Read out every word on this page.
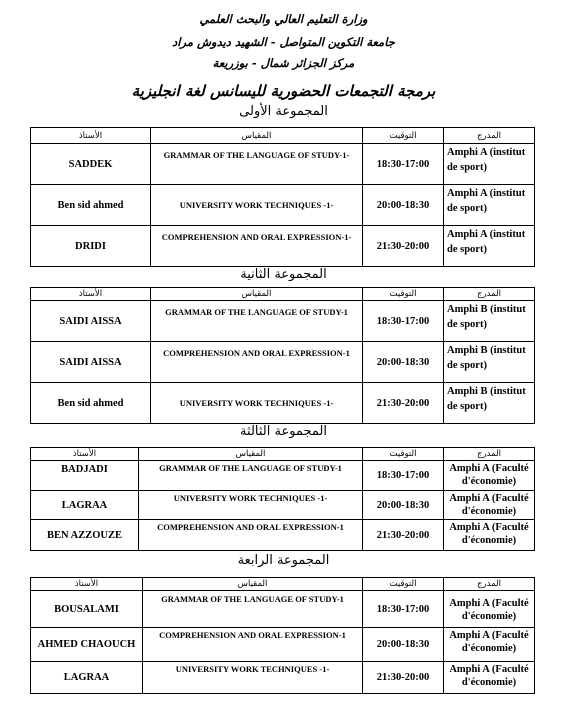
وزارة التعليم العالي والبحث العلمي
جامعة التكوين المتواصل - الشهيد ديدوش مراد
مركز الجزائر شمال - بوزريعة
برمجة التجمعات الحضورية لليسانس لغة انجليزية
المجموعة الأولى
الأستاذ	المقياس	التوقيت	المدرج
SADDEK	GRAMMAR OF THE LANGUAGE OF STUDY-1-	18:30-17:00	Amphi A (institut de sport)
Ben sid ahmed	UNIVERSITY WORK TECHNIQUES -1-	20:00-18:30	Amphi A (institut de sport)
DRIDI	COMPREHENSION AND ORAL EXPRESSION-1-	21:30-20:00	Amphi A (institut de sport)
المجموعة الثانية
الأستاذ	المقياس	التوقيت	المدرج
SAIDI AISSA	GRAMMAR OF THE LANGUAGE OF STUDY-1	18:30-17:00	Amphi B (institut de sport)
SAIDI AISSA	COMPREHENSION AND ORAL EXPRESSION-1	20:00-18:30	Amphi B (institut de sport)
Ben sid ahmed	UNIVERSITY WORK TECHNIQUES -1-	21:30-20:00	Amphi B (institut de sport)
المجموعة الثالثة
الأستاذ	المقياس	التوقيت	المدرج
BADJADI	GRAMMAR OF THE LANGUAGE OF STUDY-1	18:30-17:00	Amphi A (Faculté d'économie)
LAGRAA	UNIVERSITY WORK TECHNIQUES -1-	20:00-18:30	Amphi A (Faculté d'économie)
BEN AZZOUZE	COMPREHENSION AND ORAL EXPRESSION-1	21:30-20:00	Amphi A (Faculté d'économie)
المجموعة الرابعة
الأستاذ	المقياس	التوقيت	المدرج
BOUSALAMI	GRAMMAR OF THE LANGUAGE OF STUDY-1	18:30-17:00	Amphi A (Faculté d'économie)
AHMED CHAOUCH	COMPREHENSION AND ORAL EXPRESSION-1	20:00-18:30	Amphi A (Faculté d'économie)
LAGRAA	UNIVERSITY WORK TECHNIQUES -1-	21:30-20:00	Amphi A (Faculté d'économie)
